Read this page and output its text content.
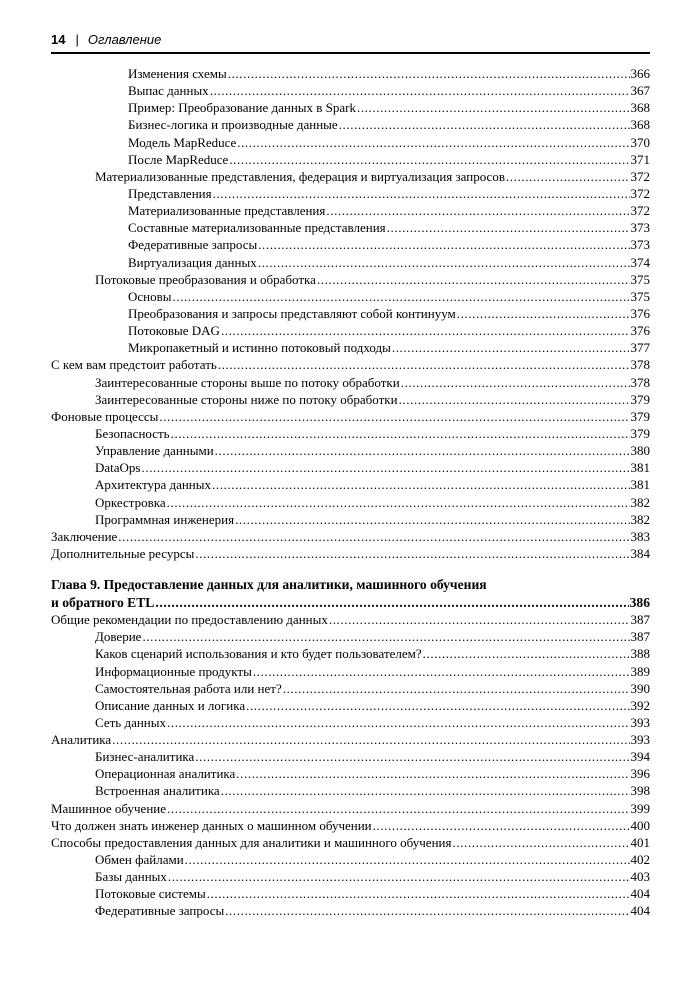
14 | Оглавление
Изменения схемы .....	366
Выпас данных .....	367
Пример: Преобразование данных в Spark .....	368
Бизнес-логика и производные данные .....	368
Модель MapReduce .....	370
После MapReduce .....	371
Материализованные представления, федерация и виртуализация запросов .....	372
Представления .....	372
Материализованные представления .....	372
Составные материализованные представления .....	373
Федеративные запросы .....	373
Виртуализация данных .....	374
Потоковые преобразования и обработка .....	375
Основы .....	375
Преобразования и запросы представляют собой континуум .....	376
Потоковые DAG .....	376
Микропакетный и истинно потоковый подходы .....	377
С кем вам предстоит работать .....	378
Заинтересованные стороны выше по потоку обработки .....	378
Заинтересованные стороны ниже по потоку обработки .....	379
Фоновые процессы .....	379
Безопасность .....	379
Управление данными .....	380
DataOps .....	381
Архитектура данных .....	381
Оркестровка .....	382
Программная инженерия .....	382
Заключение .....	383
Дополнительные ресурсы .....	384
Глава 9. Предоставление данных для аналитики, машинного обучения
и обратного ETL .....	386
Общие рекомендации по предоставлению данных .....	387
Доверие .....	387
Каков сценарий использования и кто будет пользователем? .....	388
Информационные продукты .....	389
Самостоятельная работа или нет? .....	390
Описание данных и логика .....	392
Сеть данных .....	393
Аналитика .....	393
Бизнес-аналитика .....	394
Операционная аналитика .....	396
Встроенная аналитика .....	398
Машинное обучение .....	399
Что должен знать инженер данных о машинном обучении .....	400
Способы предоставления данных для аналитики и машинного обучения .....	401
Обмен файлами .....	402
Базы данных .....	403
Потоковые системы .....	404
Федеративные запросы .....	404
